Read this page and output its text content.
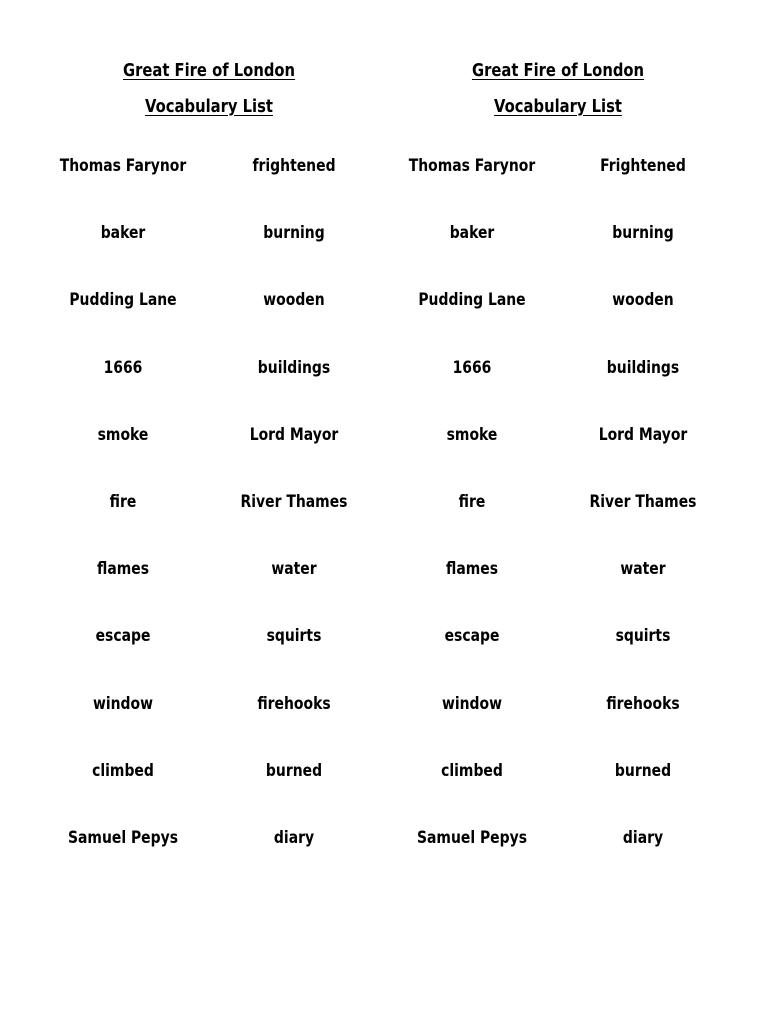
Great Fire of London
Vocabulary List
Thomas Farynor
baker
Pudding Lane
1666
smoke
fire
flames
escape
window
climbed
Samuel Pepys
frightened
burning
wooden
buildings
Lord Mayor
River Thames
water
squirts
firehooks
burned
diary
Great Fire of London
Vocabulary List
Thomas Farynor
baker
Pudding Lane
1666
smoke
fire
flames
escape
window
climbed
Samuel Pepys
Frightened
burning
wooden
buildings
Lord Mayor
River Thames
water
squirts
firehooks
burned
diary
